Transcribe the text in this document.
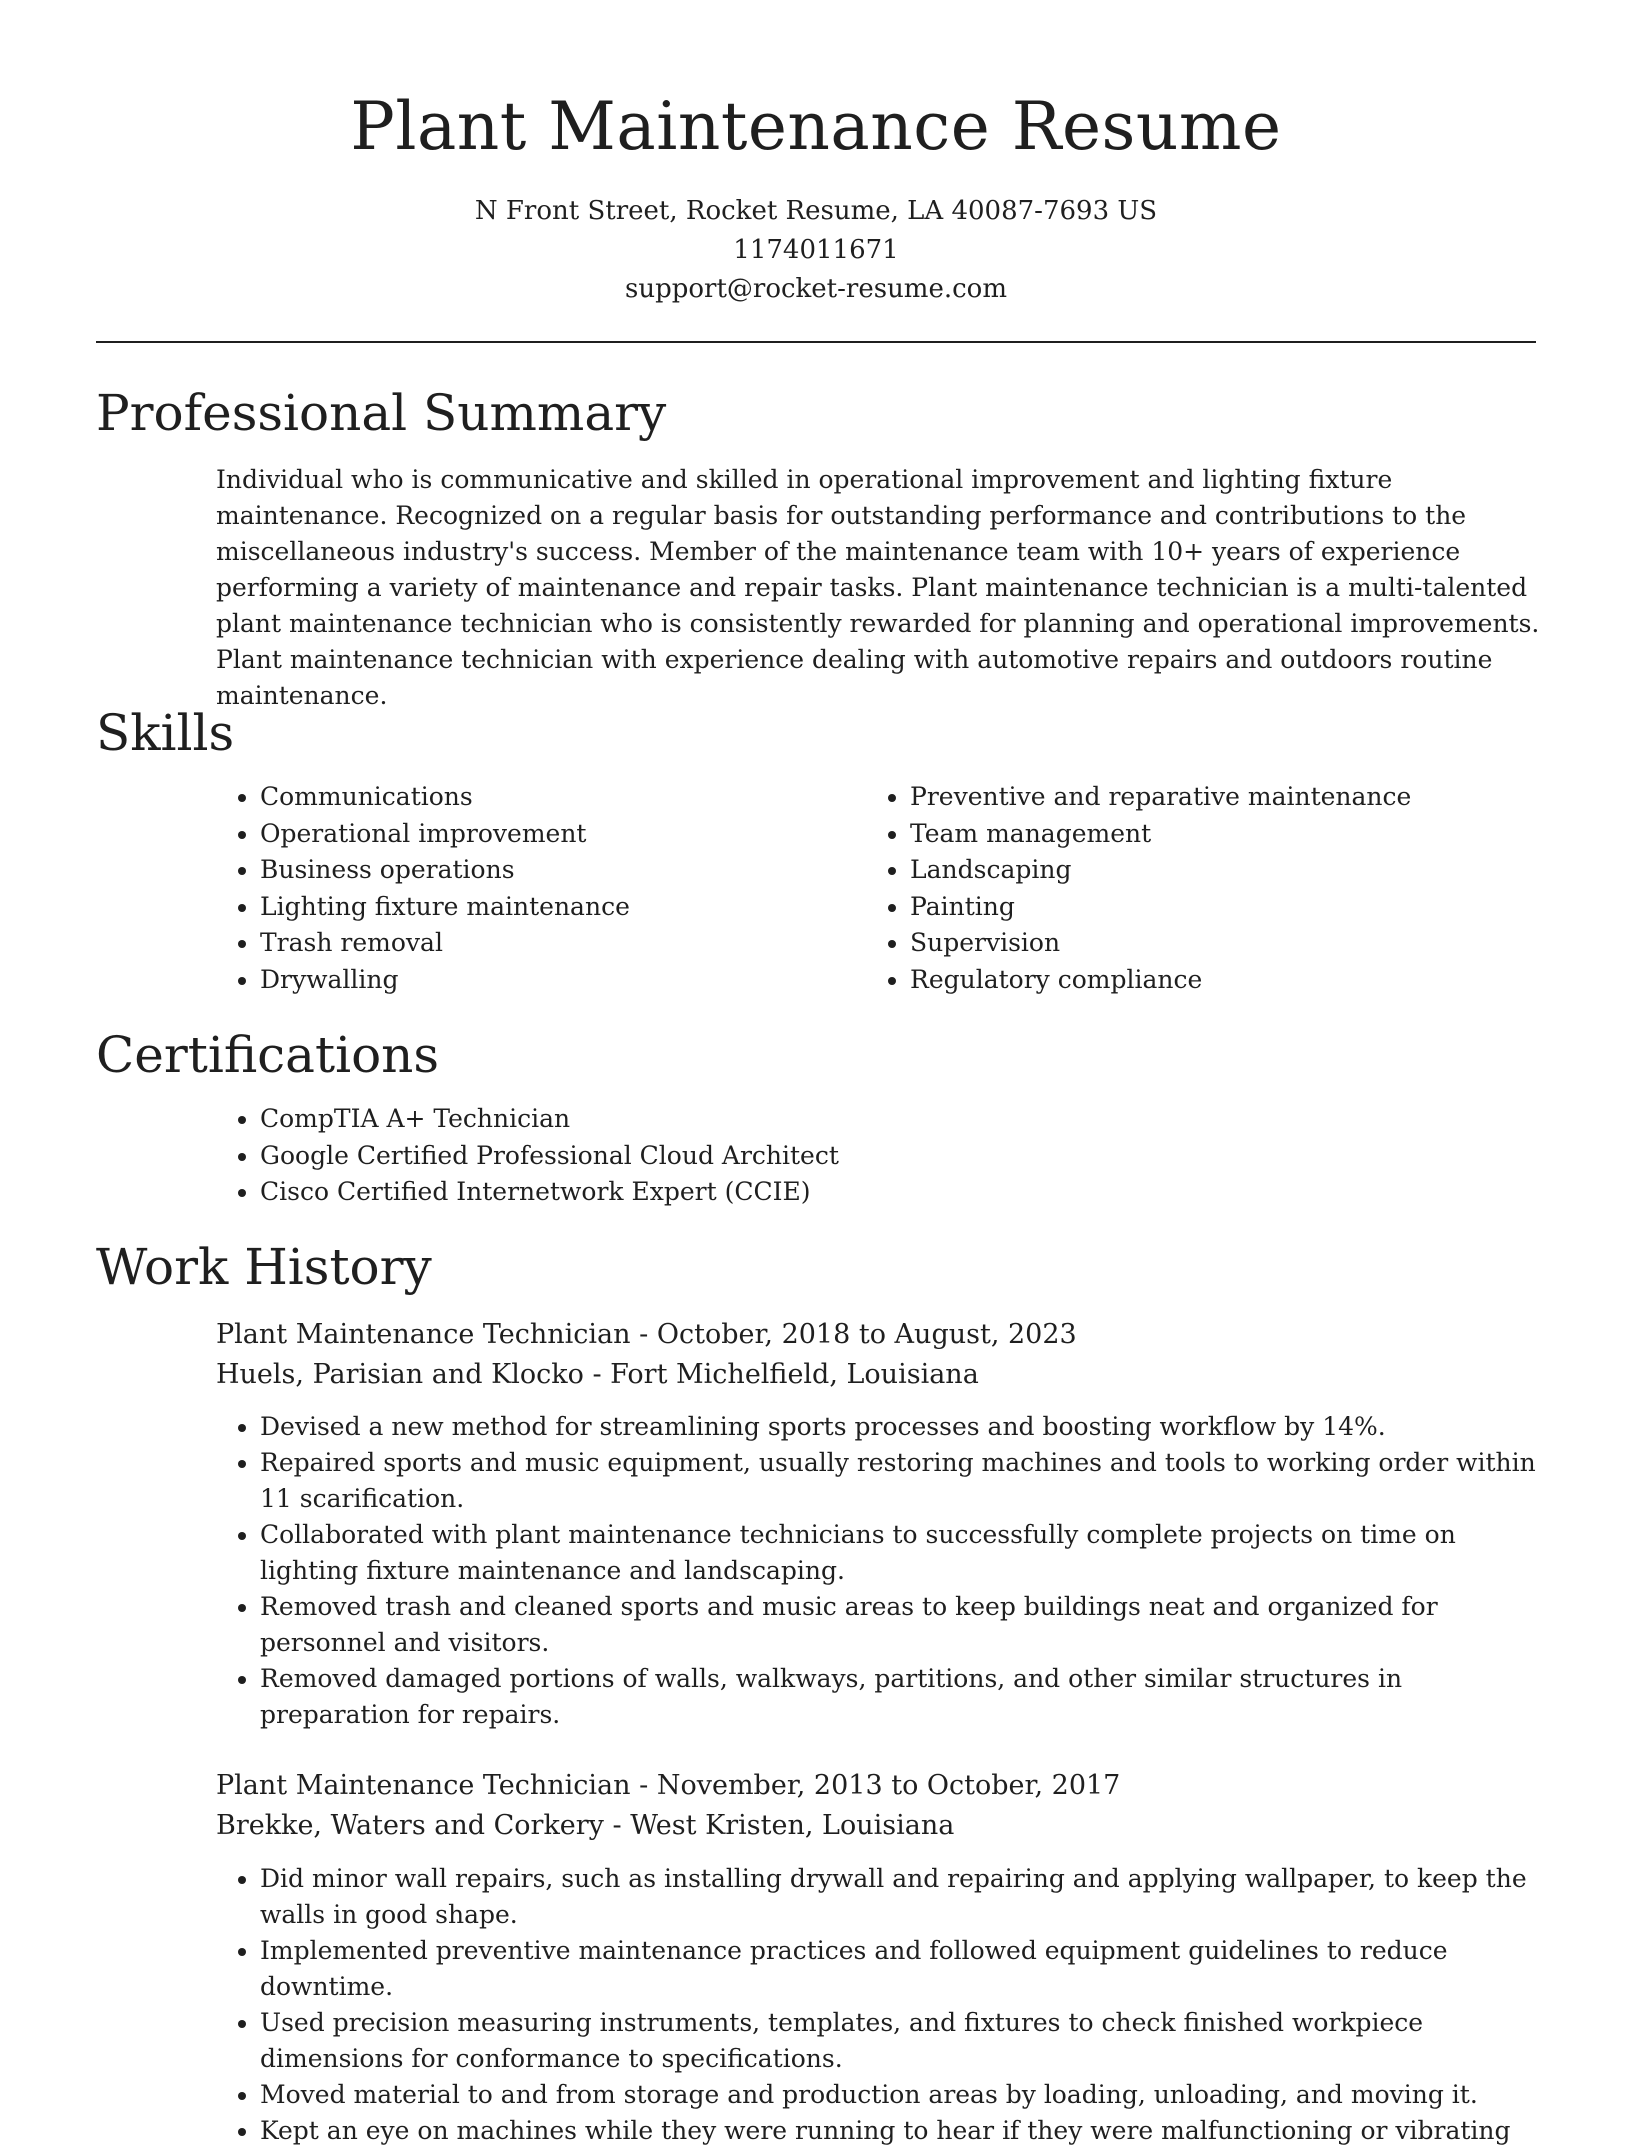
Plant Maintenance Resume
N Front Street, Rocket Resume, LA 40087-7693 US
1174011671
support@rocket-resume.com
Professional Summary

Individual who is communicative and skilled in operational improvement and lighting fixture maintenance. Recognized on a regular basis for outstanding performance and contributions to the miscellaneous industry's success. Member of the maintenance team with 10+ years of experience performing a variety of maintenance and repair tasks. Plant maintenance technician is a multi-talented plant maintenance technician who is consistently rewarded for planning and operational improvements. Plant maintenance technician with experience dealing with automotive repairs and outdoors routine maintenance.

Skills
• Communications
• Operational improvement
• Business operations
• Lighting fixture maintenance
• Trash removal
• Drywalling
• Preventive and reparative maintenance
• Team management
• Landscaping
• Painting
• Supervision
• Regulatory compliance
Certifications
• CompTIA A+ Technician
• Google Certified Professional Cloud Architect
• Cisco Certified Internetwork Expert (CCIE)
Work History
Plant Maintenance Technician - October, 2018 to August, 2023
Huels, Parisian and Klocko - Fort Michelfield, Louisiana
• Devised a new method for streamlining sports processes and boosting workflow by 14%.
• Repaired sports and music equipment, usually restoring machines and tools to working order within 11 scarification.
• Collaborated with plant maintenance technicians to successfully complete projects on time on lighting fixture maintenance and landscaping.
• Removed trash and cleaned sports and music areas to keep buildings neat and organized for personnel and visitors.
• Removed damaged portions of walls, walkways, partitions, and other similar structures in preparation for repairs.
Plant Maintenance Technician - November, 2013 to October, 2017
Brekke, Waters and Corkery - West Kristen, Louisiana
• Did minor wall repairs, such as installing drywall and repairing and applying wallpaper, to keep the walls in good shape.
• Implemented preventive maintenance practices and followed equipment guidelines to reduce downtime.
• Used precision measuring instruments, templates, and fixtures to check finished workpiece dimensions for conformance to specifications.
• Moved material to and from storage and production areas by loading, unloading, and moving it.
• Kept an eye on machines while they were running to hear if they were malfunctioning or vibrating
